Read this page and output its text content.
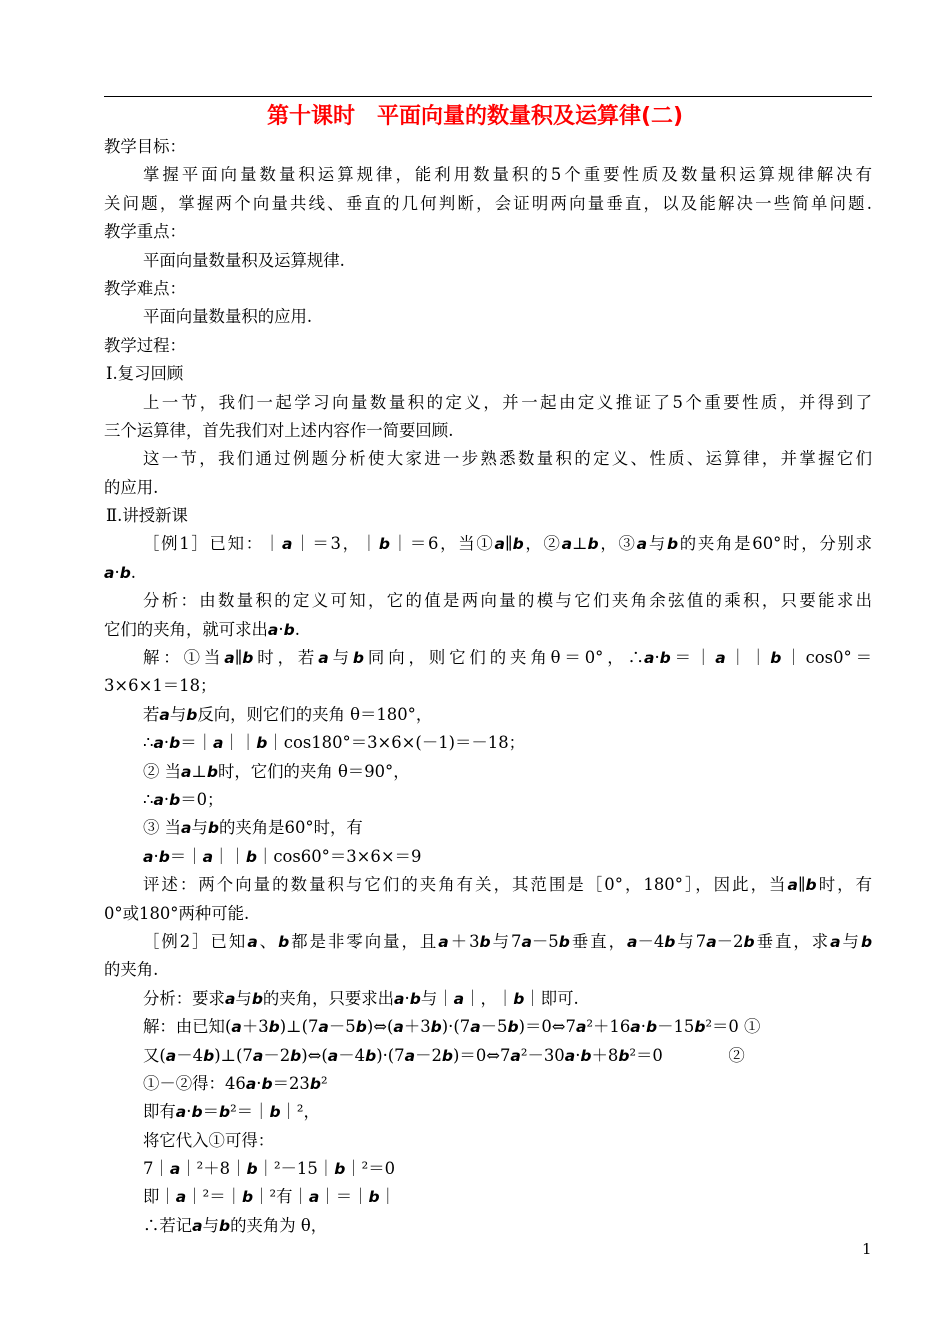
第十课时　平面向量的数量积及运算律(二)
教学目标：
掌握平面向量数量积运算规律，能利用数量积的5个重要性质及数量积运算规律解决有
关问题，掌握两个向量共线、垂直的几何判断，会证明两向量垂直，以及能解决一些简单问题.
教学重点：
平面向量数量积及运算规律.
教学难点：
平面向量数量积的应用.
教学过程：
Ⅰ.复习回顾
上一节，我们一起学习向量数量积的定义，并一起由定义推证了5个重要性质，并得到了
三个运算律，首先我们对上述内容作一简要回顾.
这一节，我们通过例题分析使大家进一步熟悉数量积的定义、性质、运算律，并掌握它们
的应用.
Ⅱ.讲授新课
［例1］已知：｜a｜＝3，｜b｜＝6，当①a∥b，②a⊥b，③a与b的夹角是60°时，分别求
a·b.
分析：由数量积的定义可知，它的值是两向量的模与它们夹角余弦值的乘积，只要能求出
它们的夹角，就可求出a·b.
解：①当a∥b时，若a与b同向，则它们的夹角θ＝0°，∴a·b＝｜a｜｜b｜cos0°＝
3×6×1＝18；
若a与b反向，则它们的夹角 θ＝180°，
∴a·b＝｜a｜｜b｜cos180°＝3×6×(－1)＝－18；
② 当a⊥b时，它们的夹角 θ＝90°，
∴a·b＝0；
③ 当a与b的夹角是60°时，有
a·b＝｜a｜｜b｜cos60°＝3×6×＝9
评述：两个向量的数量积与它们的夹角有关，其范围是［0°，180°］，因此，当a∥b时，有
0°或180°两种可能.
［例2］已知a、b都是非零向量，且a＋3b与7a－5b垂直，a－4b与7a－2b垂直，求a与b
的夹角.
分析：要求a与b的夹角，只要求出a·b与｜a｜，｜b｜即可.
解：由已知(a＋3b)⊥(7a－5b)⇔(a＋3b)·(7a－5b)＝0⇔7a²＋16a·b－15b²＝0 ①
又(a－4b)⊥(7a－2b)⇔(a－4b)·(7a－2b)＝0⇔7a²－30a·b＋8b²＝0　　　　②
①－②得：46a·b＝23b²
即有a·b＝b²＝｜b｜²，
将它代入①可得：
7｜a｜²＋8｜b｜²－15｜b｜²＝0
即｜a｜²＝｜b｜²有｜a｜＝｜b｜
∴若记a与b的夹角为 θ，
1
